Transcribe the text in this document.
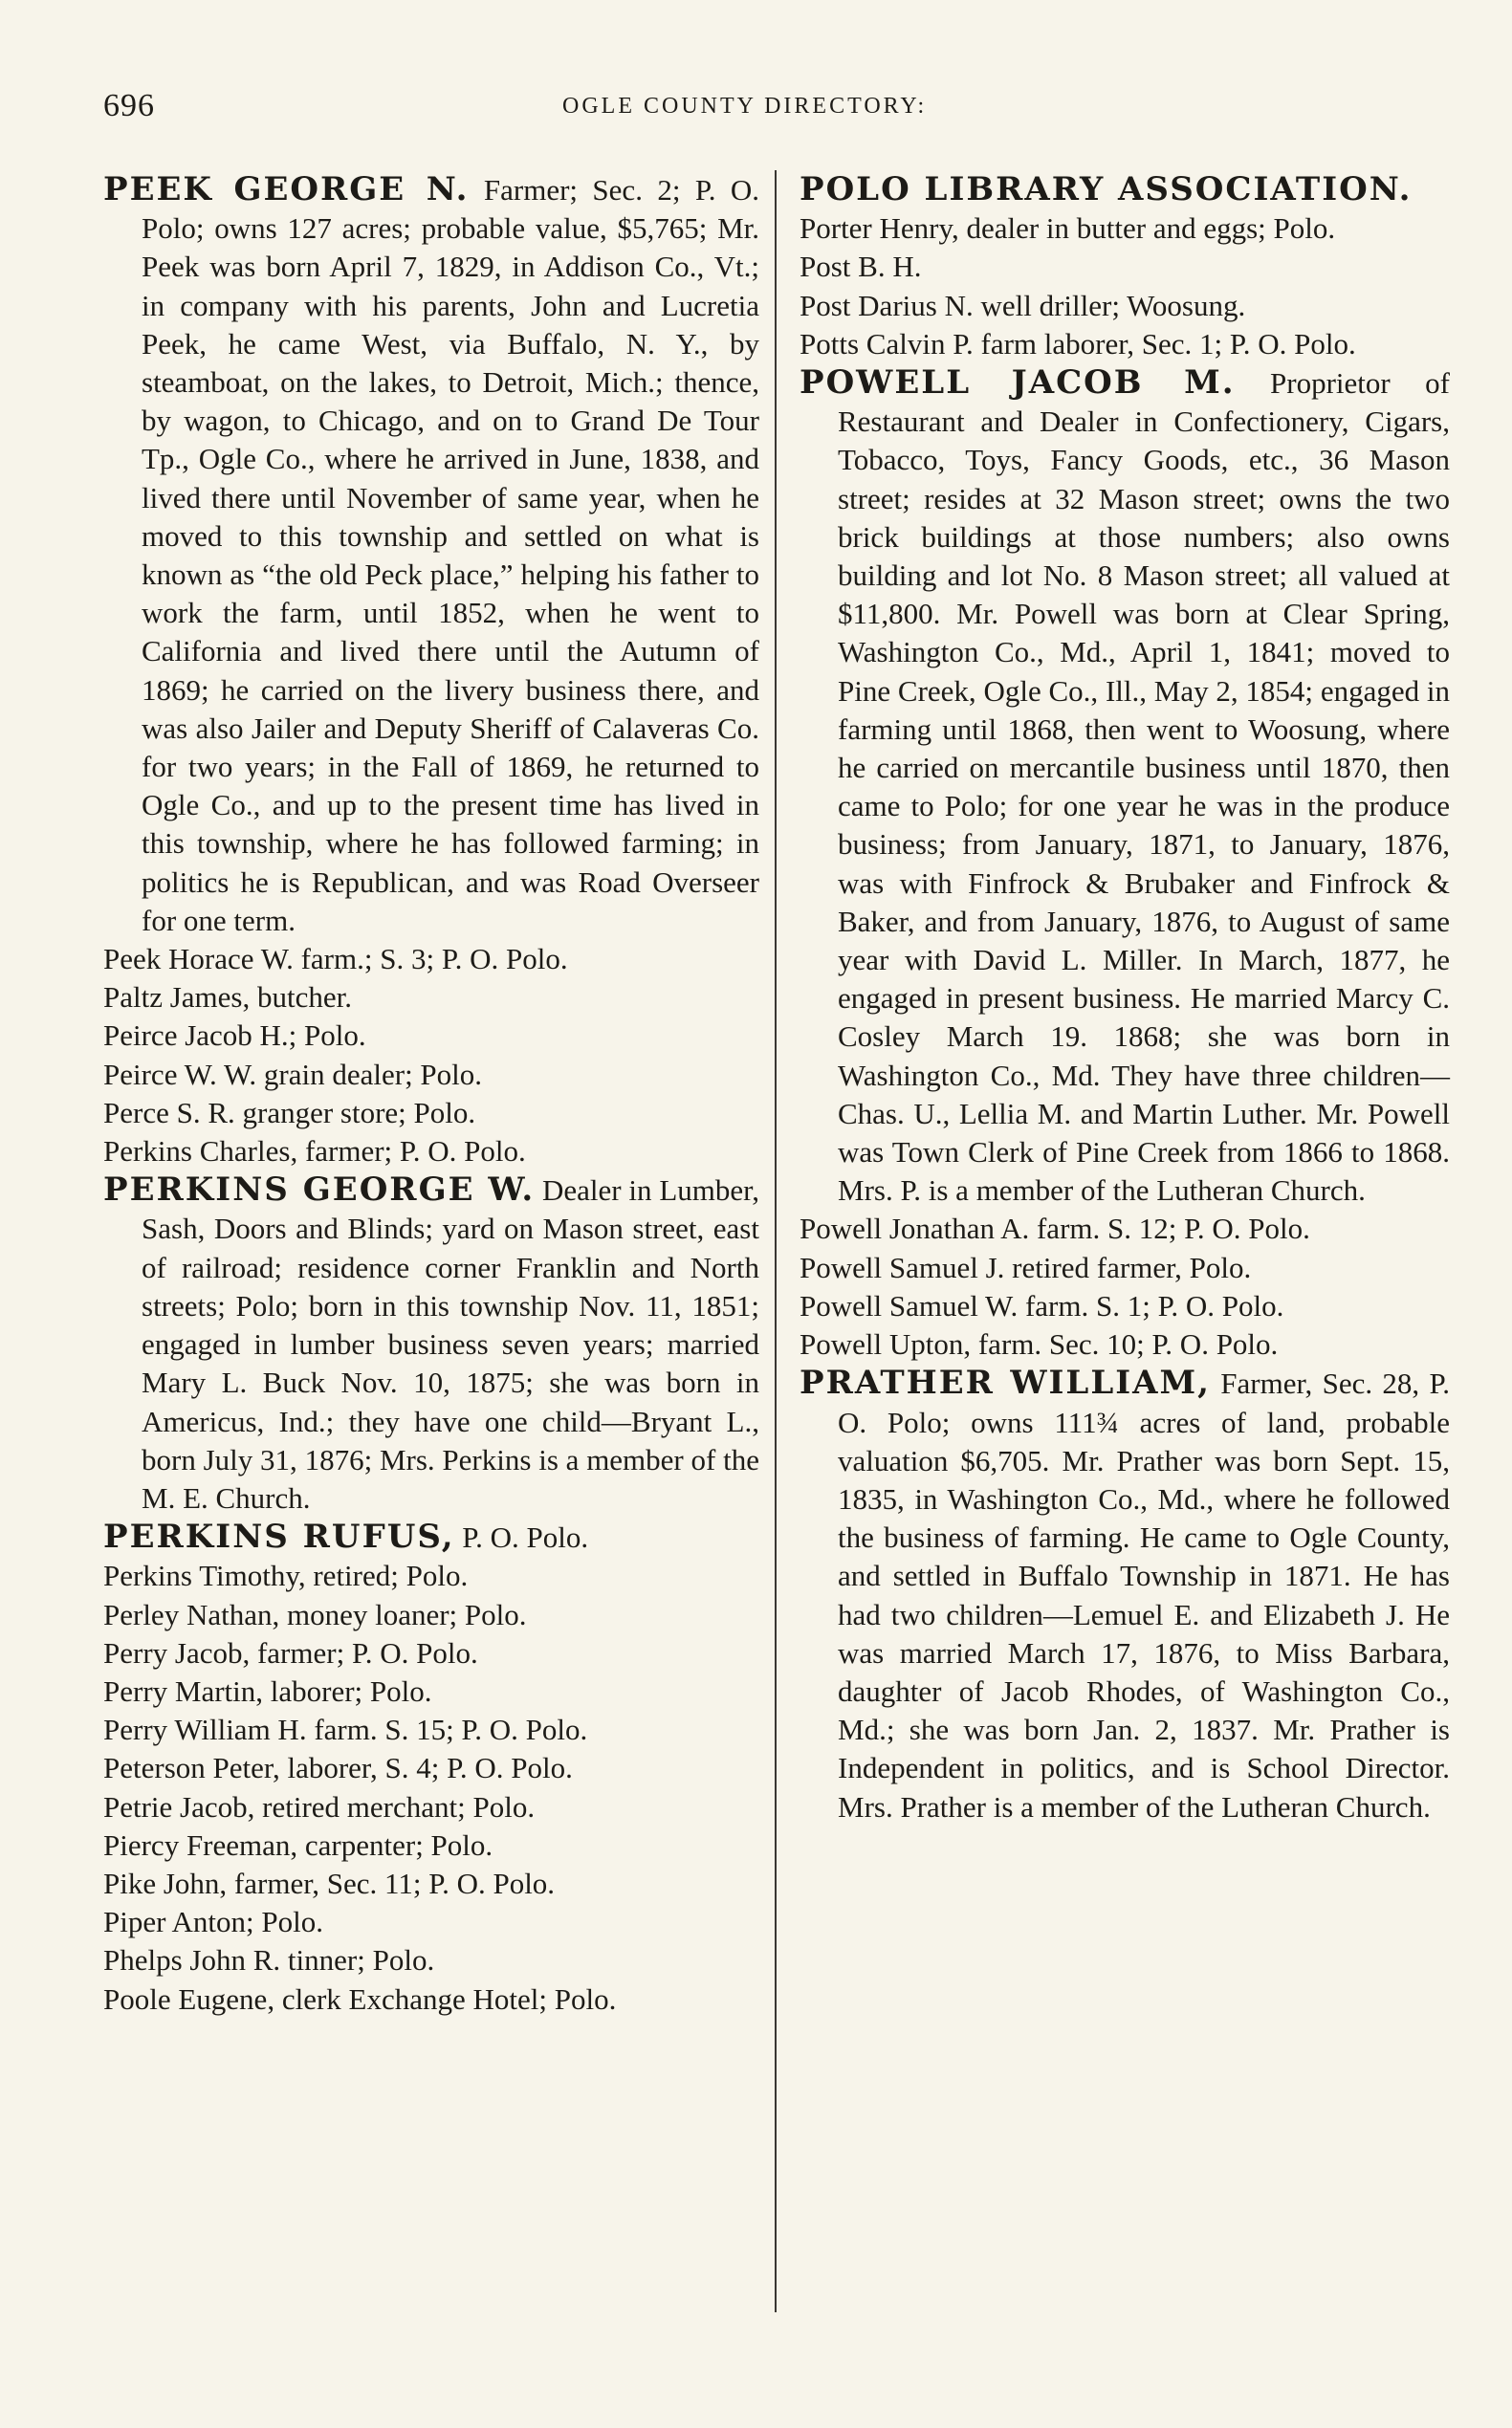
696	OGLE COUNTY DIRECTORY:

PEEK GEORGE N. Farmer; Sec. 2; P. O. Polo; owns 127 acres; probable value, $5,765; Mr. Peek was born April 7, 1829, in Addison Co., Vt.; in company with his parents, John and Lucretia Peek, he came West, via Buffalo, N. Y., by steamboat, on the lakes, to Detroit, Mich.; thence, by wagon, to Chicago, and on to Grand De Tour Tp., Ogle Co., where he arrived in June, 1838, and lived there until November of same year, when he moved to this township and settled on what is known as “the old Peck place,” helping his father to work the farm, until 1852, when he went to California and lived there until the Autumn of 1869; he carried on the livery business there, and was also Jailer and Deputy Sheriff of Calaveras Co. for two years; in the Fall of 1869, he returned to Ogle Co., and up to the present time has lived in this township, where he has followed farming; in politics he is Republican, and was Road Overseer for one term.

Peek Horace W. farm.; S. 3; P. O. Polo.

Paltz James, butcher.

Peirce Jacob H.; Polo.

Peirce W. W. grain dealer; Polo.

Perce S. R. granger store; Polo.

Perkins Charles, farmer; P. O. Polo.

PERKINS GEORGE W. Dealer in Lumber, Sash, Doors and Blinds; yard on Mason street, east of railroad; residence corner Franklin and North streets; Polo; born in this township Nov. 11, 1851; engaged in lumber business seven years; married Mary L. Buck Nov. 10, 1875; she was born in Americus, Ind.; they have one child—Bryant L., born July 31, 1876; Mrs. Perkins is a member of the M. E. Church.

PERKINS RUFUS, P. O. Polo.

Perkins Timothy, retired; Polo.

Perley Nathan, money loaner; Polo.

Perry Jacob, farmer; P. O. Polo.

Perry Martin, laborer; Polo.

Perry William H. farm. S. 15; P. O. Polo.

Peterson Peter, laborer, S. 4; P. O. Polo.

Petrie Jacob, retired merchant; Polo.

Piercy Freeman, carpenter; Polo.

Pike John, farmer, Sec. 11; P. O. Polo.

Piper Anton; Polo.

Phelps John R. tinner; Polo.

Poole Eugene, clerk Exchange Hotel; Polo.

POLO LIBRARY ASSOCIATION.

Porter Henry, dealer in butter and eggs; Polo.

Post B. H.

Post Darius N. well driller; Woosung.

Potts Calvin P. farm laborer, Sec. 1; P. O. Polo.

POWELL JACOB M. Proprietor of Restaurant and Dealer in Confectionery, Cigars, Tobacco, Toys, Fancy Goods, etc., 36 Mason street; resides at 32 Mason street; owns the two brick buildings at those numbers; also owns building and lot No. 8 Mason street; all valued at $11,800. Mr. Powell was born at Clear Spring, Washington Co., Md., April 1, 1841; moved to Pine Creek, Ogle Co., Ill., May 2, 1854; engaged in farming until 1868, then went to Woosung, where he carried on mercantile business until 1870, then came to Polo; for one year he was in the produce business; from January, 1871, to January, 1876, was with Finfrock & Brubaker and Finfrock & Baker, and from January, 1876, to August of same year with David L. Miller. In March, 1877, he engaged in present business. He married Marcy C. Cosley March 19. 1868; she was born in Washington Co., Md. They have three children—Chas. U., Lellia M. and Martin Luther. Mr. Powell was Town Clerk of Pine Creek from 1866 to 1868. Mrs. P. is a member of the Lutheran Church.

Powell Jonathan A. farm. S. 12; P. O. Polo.

Powell Samuel J. retired farmer, Polo.

Powell Samuel W. farm. S. 1; P. O. Polo.

Powell Upton, farm. Sec. 10; P. O. Polo.

PRATHER WILLIAM, Farmer, Sec. 28, P. O. Polo; owns 111¾ acres of land, probable valuation $6,705. Mr. Prather was born Sept. 15, 1835, in Washington Co., Md., where he followed the business of farming. He came to Ogle County, and settled in Buffalo Township in 1871. He has had two children—Lemuel E. and Elizabeth J. He was married March 17, 1876, to Miss Barbara, daughter of Jacob Rhodes, of Washington Co., Md.; she was born Jan. 2, 1837. Mr. Prather is Independent in politics, and is School Director. Mrs. Prather is a member of the Lutheran Church.
